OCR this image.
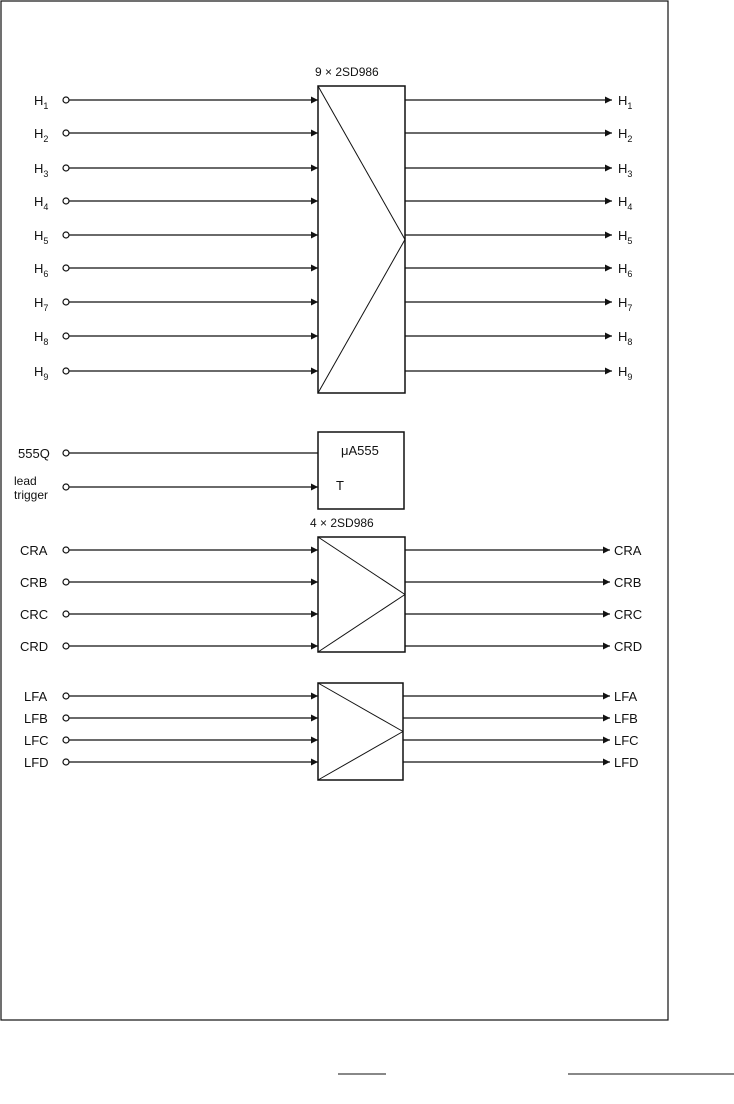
9 × 2SD986
4 × 2SD986
$H_1$
$H_2$
$H_3$
$H_4$
$H_5$
$H_6$
$H_7$
$H_8$
$H_9$
$H_1$
$H_2$
$H_3$
$H_4$
$H_5$
$H_6$
$H_7$
$H_8$
$H_9$
μA555
T
555Q
lead trigger
CRA
CRB
CRC
CRD
CRA
CRB
CRC
CRD
LFA
LFB
LFC
LFD
LFA
LFB
LFC
LFD
